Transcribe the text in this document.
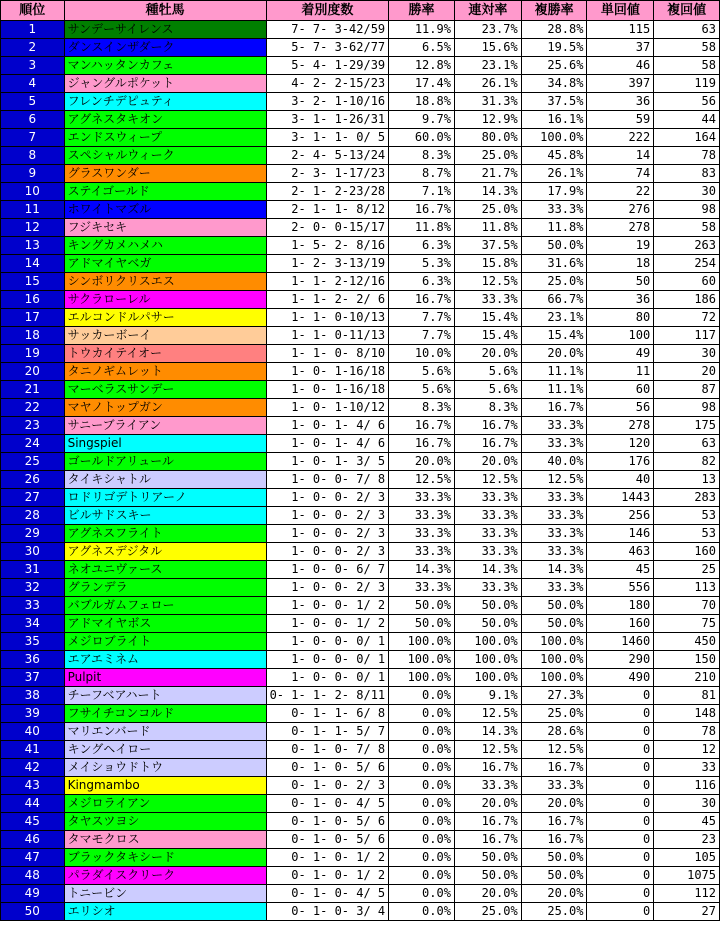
順位	種牡馬	着別度数	勝率	連対率	複勝率	単回値	複回値
1	サンデーサイレンス	7- 7- 3-42/59	11.9%	23.7%	28.8%	115	63
2	ダンスインザダーク	5- 7- 3-62/77	6.5%	15.6%	19.5%	37	58
3	マンハッタンカフェ	5- 4- 1-29/39	12.8%	23.1%	25.6%	46	58
4	ジャングルポケット	4- 2- 2-15/23	17.4%	26.1%	34.8%	397	119
5	フレンチデピュティ	3- 2- 1-10/16	18.8%	31.3%	37.5%	36	56
6	アグネスタキオン	3- 1- 1-26/31	9.7%	12.9%	16.1%	59	44
7	エンドスウィープ	3- 1- 1- 0/ 5	60.0%	80.0%	100.0%	222	164
8	スペシャルウィーク	2- 4- 5-13/24	8.3%	25.0%	45.8%	14	78
9	グラスワンダー	2- 3- 1-17/23	8.7%	21.7%	26.1%	74	83
10	ステイゴールド	2- 1- 2-23/28	7.1%	14.3%	17.9%	22	30
11	ホワイトマズル	2- 1- 1- 8/12	16.7%	25.0%	33.3%	276	98
12	フジキセキ	2- 0- 0-15/17	11.8%	11.8%	11.8%	278	58
13	キングカメハメハ	1- 5- 2- 8/16	6.3%	37.5%	50.0%	19	263
14	アドマイヤベガ	1- 2- 3-13/19	5.3%	15.8%	31.6%	18	254
15	シンボリクリスエス	1- 1- 2-12/16	6.3%	12.5%	25.0%	50	60
16	サクラローレル	1- 1- 2- 2/ 6	16.7%	33.3%	66.7%	36	186
17	エルコンドルパサー	1- 1- 0-10/13	7.7%	15.4%	23.1%	80	72
18	サッカーボーイ	1- 1- 0-11/13	7.7%	15.4%	15.4%	100	117
19	トウカイテイオー	1- 1- 0- 8/10	10.0%	20.0%	20.0%	49	30
20	タニノギムレット	1- 0- 1-16/18	5.6%	5.6%	11.1%	11	20
21	マーベラスサンデー	1- 0- 1-16/18	5.6%	5.6%	11.1%	60	87
22	マヤノトップガン	1- 0- 1-10/12	8.3%	8.3%	16.7%	56	98
23	サニーブライアン	1- 0- 1- 4/ 6	16.7%	16.7%	33.3%	278	175
24	Singspiel	1- 0- 1- 4/ 6	16.7%	16.7%	33.3%	120	63
25	ゴールドアリュール	1- 0- 1- 3/ 5	20.0%	20.0%	40.0%	176	82
26	タイキシャトル	1- 0- 0- 7/ 8	12.5%	12.5%	12.5%	40	13
27	ロドリゴデトリアーノ	1- 0- 0- 2/ 3	33.3%	33.3%	33.3%	1443	283
28	ビルサドスキー	1- 0- 0- 2/ 3	33.3%	33.3%	33.3%	256	53
29	アグネスフライト	1- 0- 0- 2/ 3	33.3%	33.3%	33.3%	146	53
30	アグネスデジタル	1- 0- 0- 2/ 3	33.3%	33.3%	33.3%	463	160
31	ネオユニヴァース	1- 0- 0- 6/ 7	14.3%	14.3%	14.3%	45	25
32	グランデラ	1- 0- 0- 2/ 3	33.3%	33.3%	33.3%	556	113
33	バブルガムフェロー	1- 0- 0- 1/ 2	50.0%	50.0%	50.0%	180	70
34	アドマイヤボス	1- 0- 0- 1/ 2	50.0%	50.0%	50.0%	160	75
35	メジロブライト	1- 0- 0- 0/ 1	100.0%	100.0%	100.0%	1460	450
36	エアエミネム	1- 0- 0- 0/ 1	100.0%	100.0%	100.0%	290	150
37	Pulpit	1- 0- 0- 0/ 1	100.0%	100.0%	100.0%	490	210
38	チーフベアハート	0- 1- 1- 2- 8/11	0.0%	9.1%	27.3%	0	81
39	フサイチコンコルド	0- 1- 1- 6/ 8	0.0%	12.5%	25.0%	0	148
40	マリエンバード	0- 1- 1- 5/ 7	0.0%	14.3%	28.6%	0	78
41	キングヘイロー	0- 1- 0- 7/ 8	0.0%	12.5%	12.5%	0	12
42	メイショウドトウ	0- 1- 0- 5/ 6	0.0%	16.7%	16.7%	0	33
43	Kingmambo	0- 1- 0- 2/ 3	0.0%	33.3%	33.3%	0	116
44	メジロライアン	0- 1- 0- 4/ 5	0.0%	20.0%	20.0%	0	30
45	タヤスツヨシ	0- 1- 0- 5/ 6	0.0%	16.7%	16.7%	0	45
46	タマモクロス	0- 1- 0- 5/ 6	0.0%	16.7%	16.7%	0	23
47	ブラックタキシード	0- 1- 0- 1/ 2	0.0%	50.0%	50.0%	0	105
48	パラダイスクリーク	0- 1- 0- 1/ 2	0.0%	50.0%	50.0%	0	1075
49	トニービン	0- 1- 0- 4/ 5	0.0%	20.0%	20.0%	0	112
50	エリシオ	0- 1- 0- 3/ 4	0.0%	25.0%	25.0%	0	27
